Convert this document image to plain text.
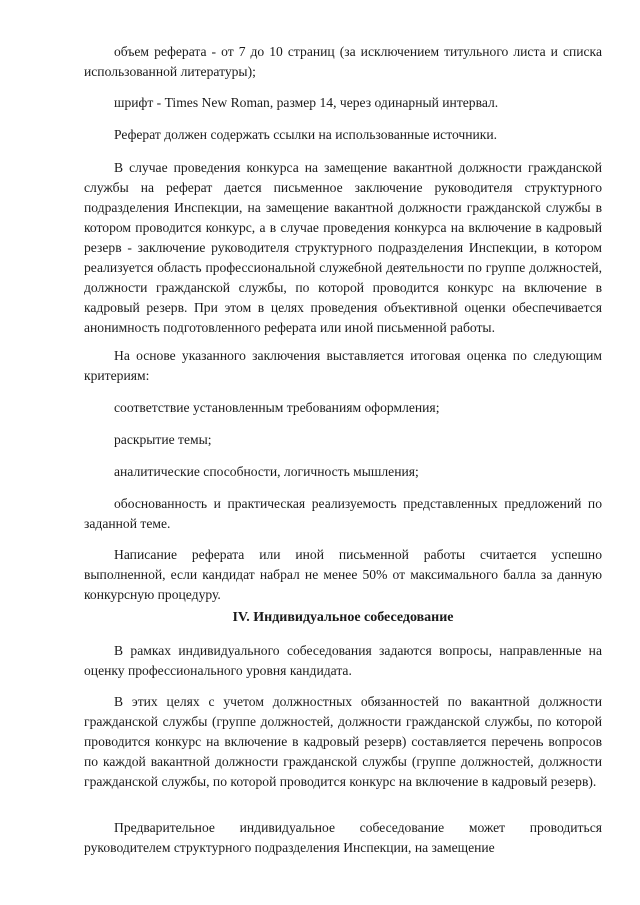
объем реферата - от 7 до 10 страниц (за исключением титульного листа и списка использованной литературы);

шрифт - Times New Roman, размер 14, через одинарный интервал.

Реферат должен содержать ссылки на использованные источники.

В случае проведения конкурса на замещение вакантной должности гражданской службы на реферат дается письменное заключение руководителя структурного подразделения Инспекции, на замещение вакантной должности гражданской службы в котором проводится конкурс, а в случае проведения конкурса на включение в кадровый резерв - заключение руководителя структурного подразделения Инспекции, в котором реализуется область профессиональной служебной деятельности по группе должностей, должности гражданской службы, по которой проводится конкурс на включение в кадровый резерв. При этом в целях проведения объективной оценки обеспечивается анонимность подготовленного реферата или иной письменной работы.

На основе указанного заключения выставляется итоговая оценка по следующим критериям:

соответствие установленным требованиям оформления;

раскрытие темы;

аналитические способности, логичность мышления;

обоснованность и практическая реализуемость представленных предложений по заданной теме.

Написание реферата или иной письменной работы считается успешно выполненной, если кандидат набрал не менее 50% от максимального балла за данную конкурсную процедуру.

IV. Индивидуальное собеседование

В рамках индивидуального собеседования задаются вопросы, направленные на оценку профессионального уровня кандидата.

В этих целях с учетом должностных обязанностей по вакантной должности гражданской службы (группе должностей, должности гражданской службы, по которой проводится конкурс на включение в кадровый резерв) составляется перечень вопросов по каждой вакантной должности гражданской службы (группе должностей, должности гражданской службы, по которой проводится конкурс на включение в кадровый резерв).

Предварительное индивидуальное собеседование может проводиться руководителем структурного подразделения Инспекции, на замещение
